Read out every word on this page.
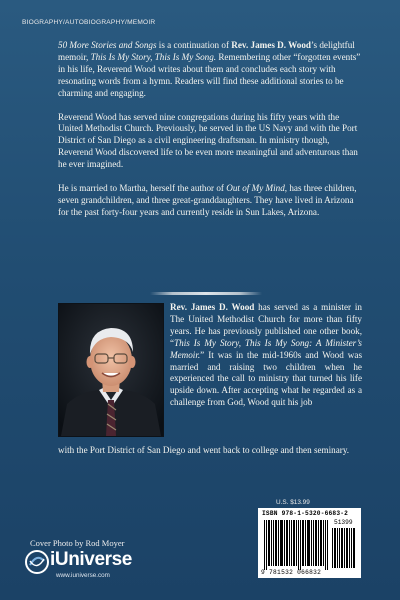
BIOGRAPHY/AUTOBIOGRAPHY/MEMOIR

50 More Stories and Songs is a continuation of Rev. James D. Wood’s delightful memoir, This Is My Story, This Is My Song. Remembering other “forgotten events” in his life, Reverend Wood writes about them and concludes each story with resonating words from a hymn. Readers will find these additional stories to be charming and engaging.

Reverend Wood has served nine congregations during his fifty years with the United Methodist Church. Previously, he served in the US Navy and with the Port District of San Diego as a civil engineering draftsman. In ministry though, Reverend Wood discovered life to be even more meaningful and adventurous than he ever imagined.

He is married to Martha, herself the author of Out of My Mind, has three children, seven grandchildren, and three great-granddaughters. They have lived in Arizona for the past forty-four years and currently reside in Sun Lakes, Arizona.

Rev. James D. Wood has served as a minister in The United Methodist Church for more than fifty years. He has previously published one other book, “This Is My Story, This Is My Song: A Minister’s Memoir.” It was in the mid-1960s and Wood was married and raising two children when he experienced the call to ministry that turned his life upside down. After accepting what he regarded as a challenge from God, Wood quit his job
with the Port District of San Diego and went back to college and then seminary.
U.S. $13.99
ISBN 978-1-5320-6683-2
51399
9 781532 066832
Cover Photo by Rod Moyer
iUniverse
www.iuniverse.com
